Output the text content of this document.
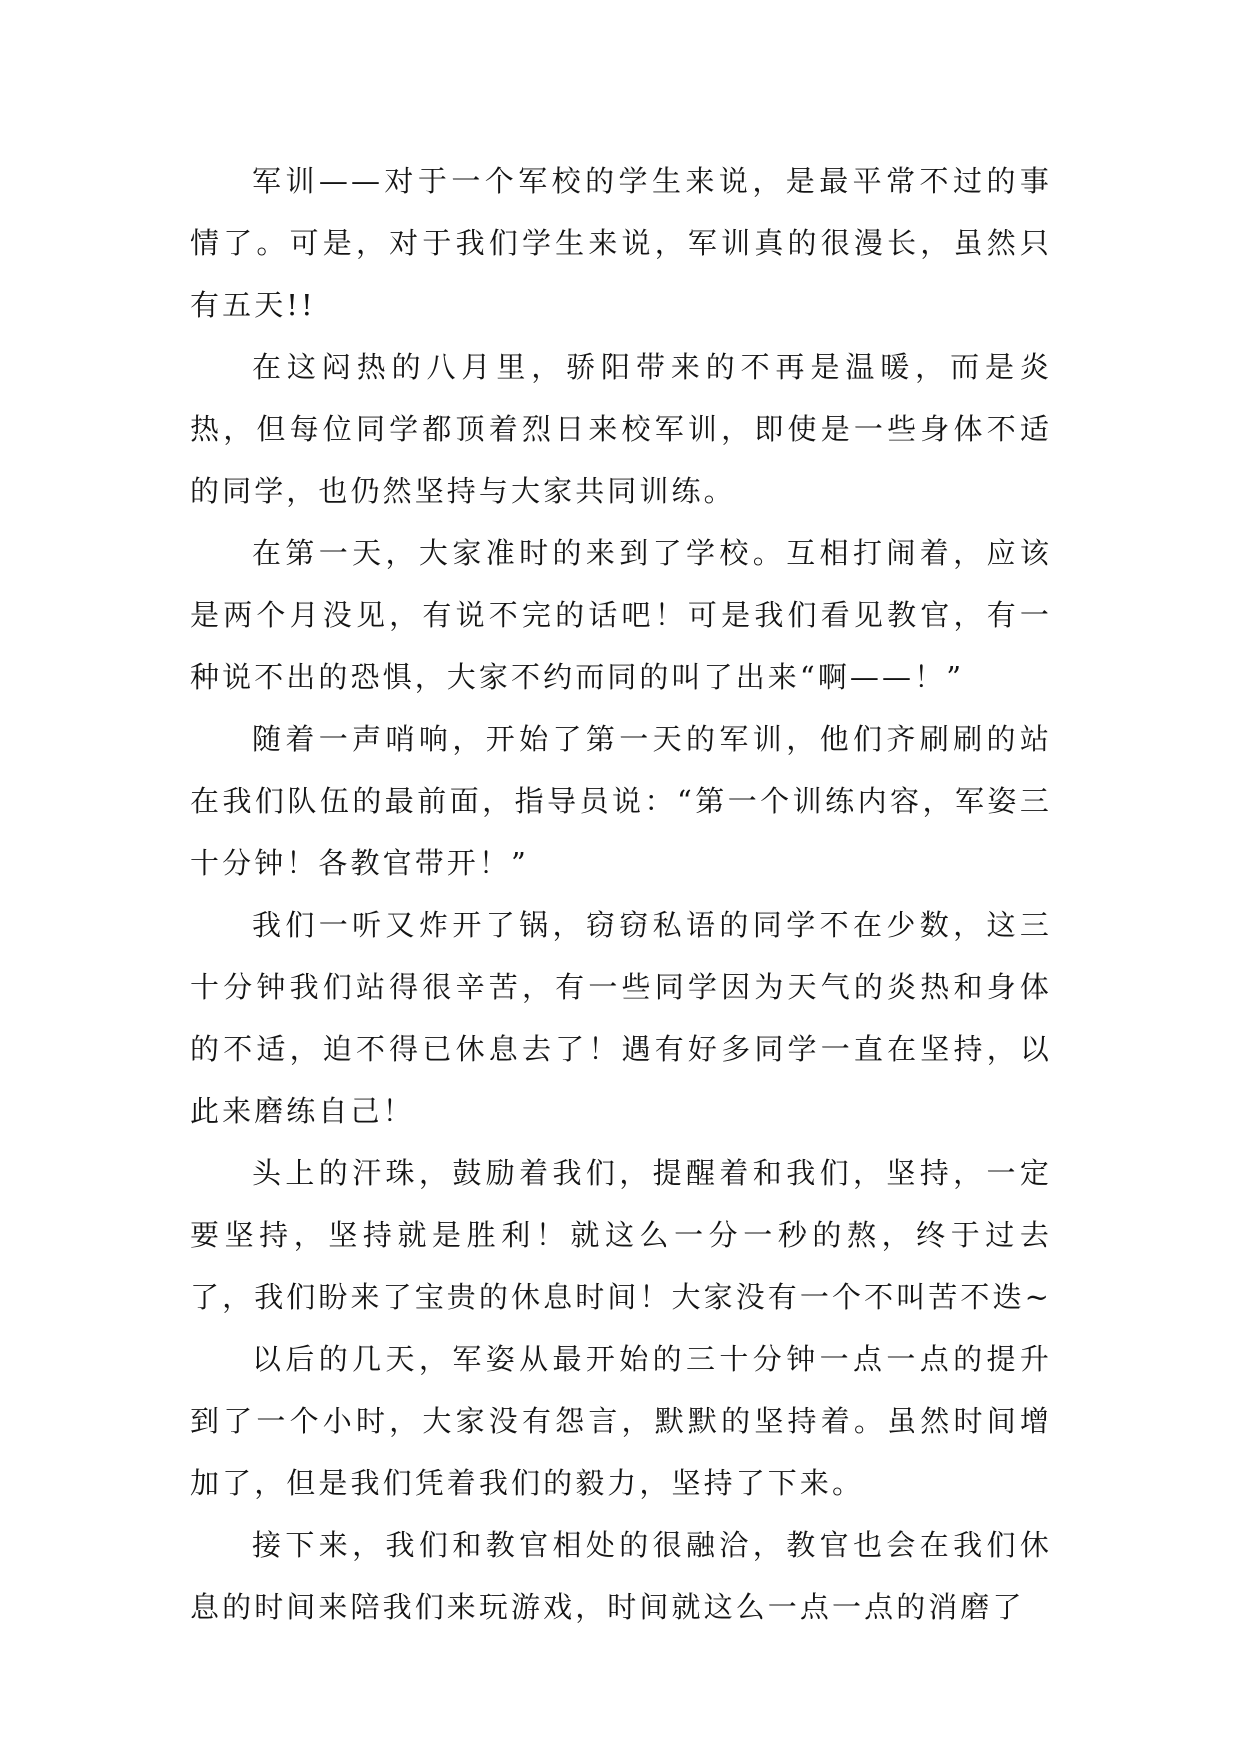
军训——对于一个军校的学生来说，是最平常不过的事情了。可是，对于我们学生来说，军训真的很漫长，虽然只有五天!!

在这闷热的八月里，骄阳带来的不再是温暖，而是炎热，但每位同学都顶着烈日来校军训，即使是一些身体不适的同学，也仍然坚持与大家共同训练。

在第一天，大家准时的来到了学校。互相打闹着，应该是两个月没见，有说不完的话吧！可是我们看见教官，有一种说不出的恐惧，大家不约而同的叫了出来“啊——！”

随着一声哨响，开始了第一天的军训，他们齐刷刷的站在我们队伍的最前面，指导员说：“第一个训练内容，军姿三十分钟！各教官带开！”

我们一听又炸开了锅，窃窃私语的同学不在少数，这三十分钟我们站得很辛苦，有一些同学因为天气的炎热和身体的不适，迫不得已休息去了！遇有好多同学一直在坚持，以此来磨练自己！

头上的汗珠，鼓励着我们，提醒着和我们，坚持，一定要坚持，坚持就是胜利！就这么一分一秒的熬，终于过去了，我们盼来了宝贵的休息时间！大家没有一个不叫苦不迭~

以后的几天，军姿从最开始的三十分钟一点一点的提升到了一个小时，大家没有怨言，默默的坚持着。虽然时间增加了，但是我们凭着我们的毅力，坚持了下来。

接下来，我们和教官相处的很融洽，教官也会在我们休息的时间来陪我们来玩游戏，时间就这么一点一点的消磨了
